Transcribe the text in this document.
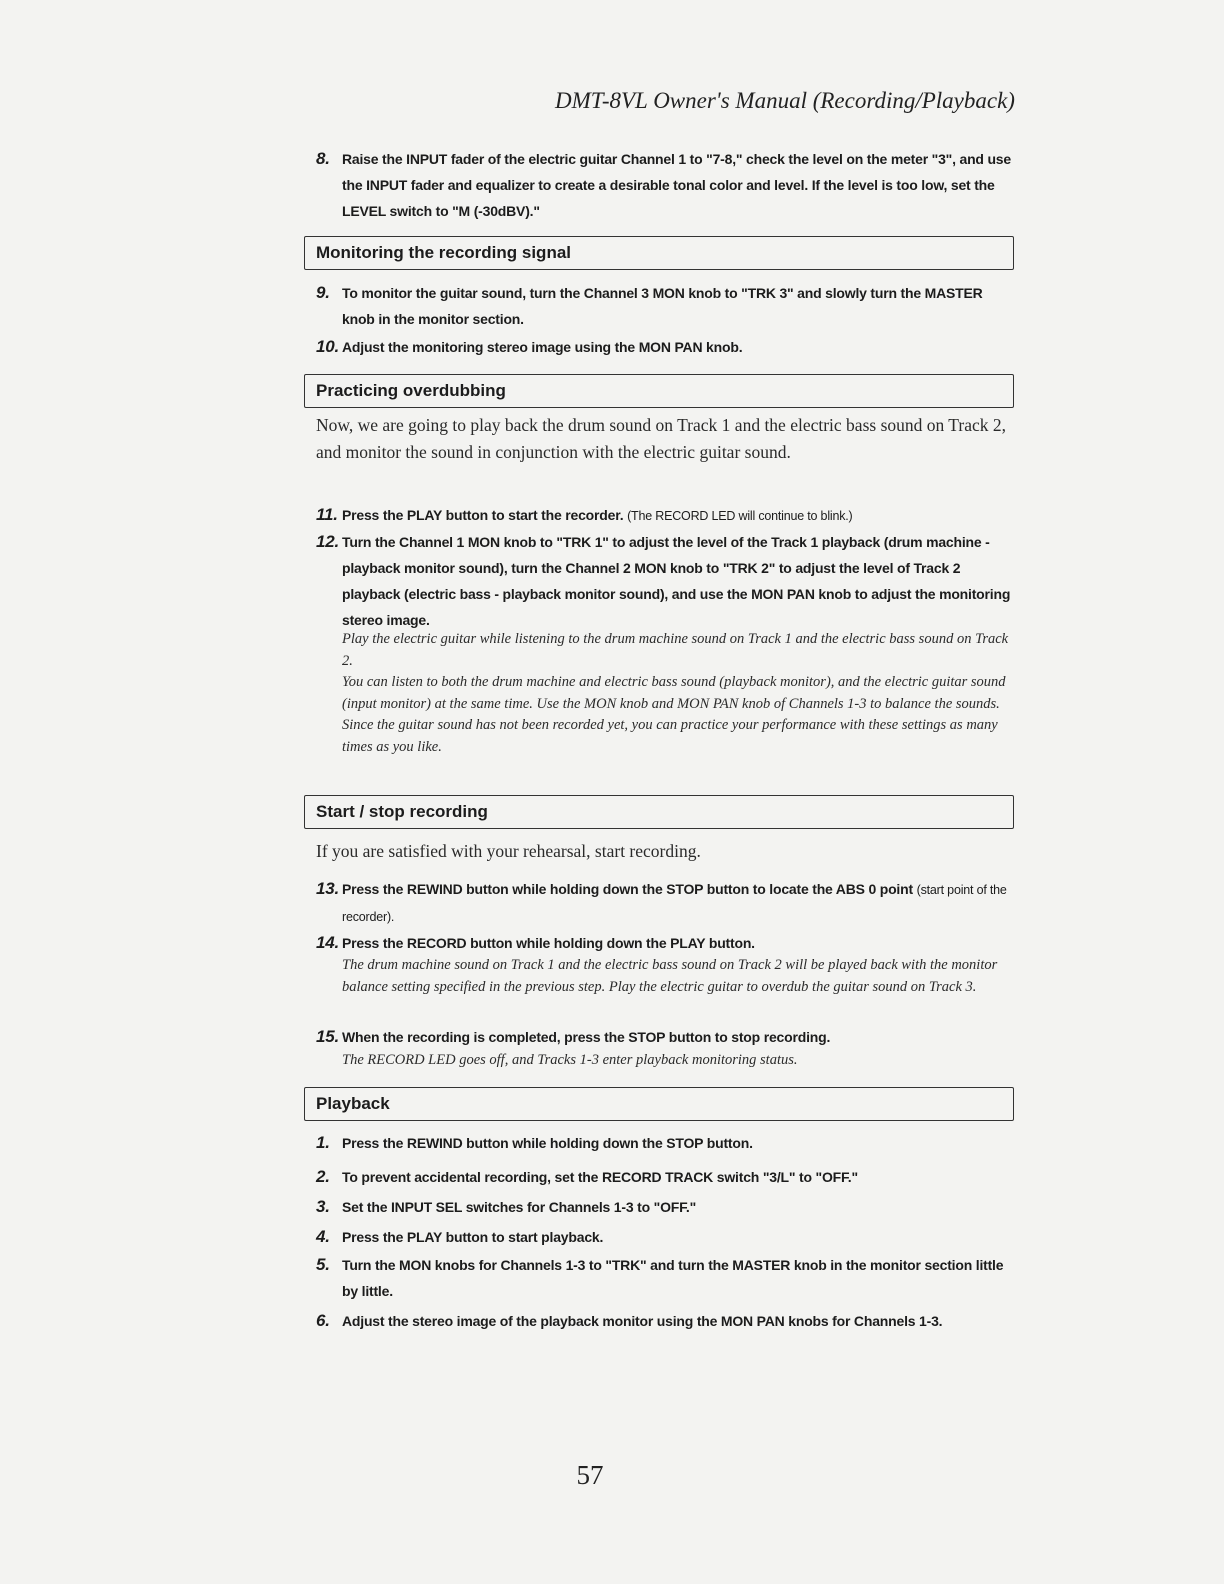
DMT-8VL Owner's Manual (Recording/Playback)
8. Raise the INPUT fader of the electric guitar Channel 1 to "7-8," check the level on the meter "3", and use the INPUT fader and equalizer to create a desirable tonal color and level. If the level is too low, set the LEVEL switch to "M (-30dBV)."
Monitoring the recording signal
9. To monitor the guitar sound, turn the Channel 3 MON knob to "TRK 3" and slowly turn the MASTER knob in the monitor section.
10. Adjust the monitoring stereo image using the MON PAN knob.
Practicing overdubbing
Now, we are going to play back the drum sound on Track 1 and the electric bass sound on Track 2, and monitor the sound in conjunction with the electric guitar sound.
11. Press the PLAY button to start the recorder. (The RECORD LED will continue to blink.)
12. Turn the Channel 1 MON knob to "TRK 1" to adjust the level of the Track 1 playback (drum machine - playback monitor sound), turn the Channel 2 MON knob to "TRK 2" to adjust the level of Track 2 playback (electric bass - playback monitor sound), and use the MON PAN knob to adjust the monitoring stereo image.
Play the electric guitar while listening to the drum machine sound on Track 1 and the electric bass sound on Track 2.
You can listen to both the drum machine and electric bass sound (playback monitor), and the electric guitar sound (input monitor) at the same time. Use the MON knob and MON PAN knob of Channels 1-3 to balance the sounds.
Since the guitar sound has not been recorded yet, you can practice your performance with these settings as many times as you like.
Start / stop recording
If you are satisfied with your rehearsal, start recording.
13. Press the REWIND button while holding down the STOP button to locate the ABS 0 point (start point of the recorder).
14. Press the RECORD button while holding down the PLAY button.
The drum machine sound on Track 1 and the electric bass sound on Track 2 will be played back with the monitor balance setting specified in the previous step. Play the electric guitar to overdub the guitar sound on Track 3.
15. When the recording is completed, press the STOP button to stop recording.
The RECORD LED goes off, and Tracks 1-3 enter playback monitoring status.
Playback
1. Press the REWIND button while holding down the STOP button.
2. To prevent accidental recording, set the RECORD TRACK switch "3/L" to "OFF."
3. Set the INPUT SEL switches for Channels 1-3 to "OFF."
4. Press the PLAY button to start playback.
5. Turn the MON knobs for Channels 1-3 to "TRK" and turn the MASTER knob in the monitor section little by little.
6. Adjust the stereo image of the playback monitor using the MON PAN knobs for Channels 1-3.
57
